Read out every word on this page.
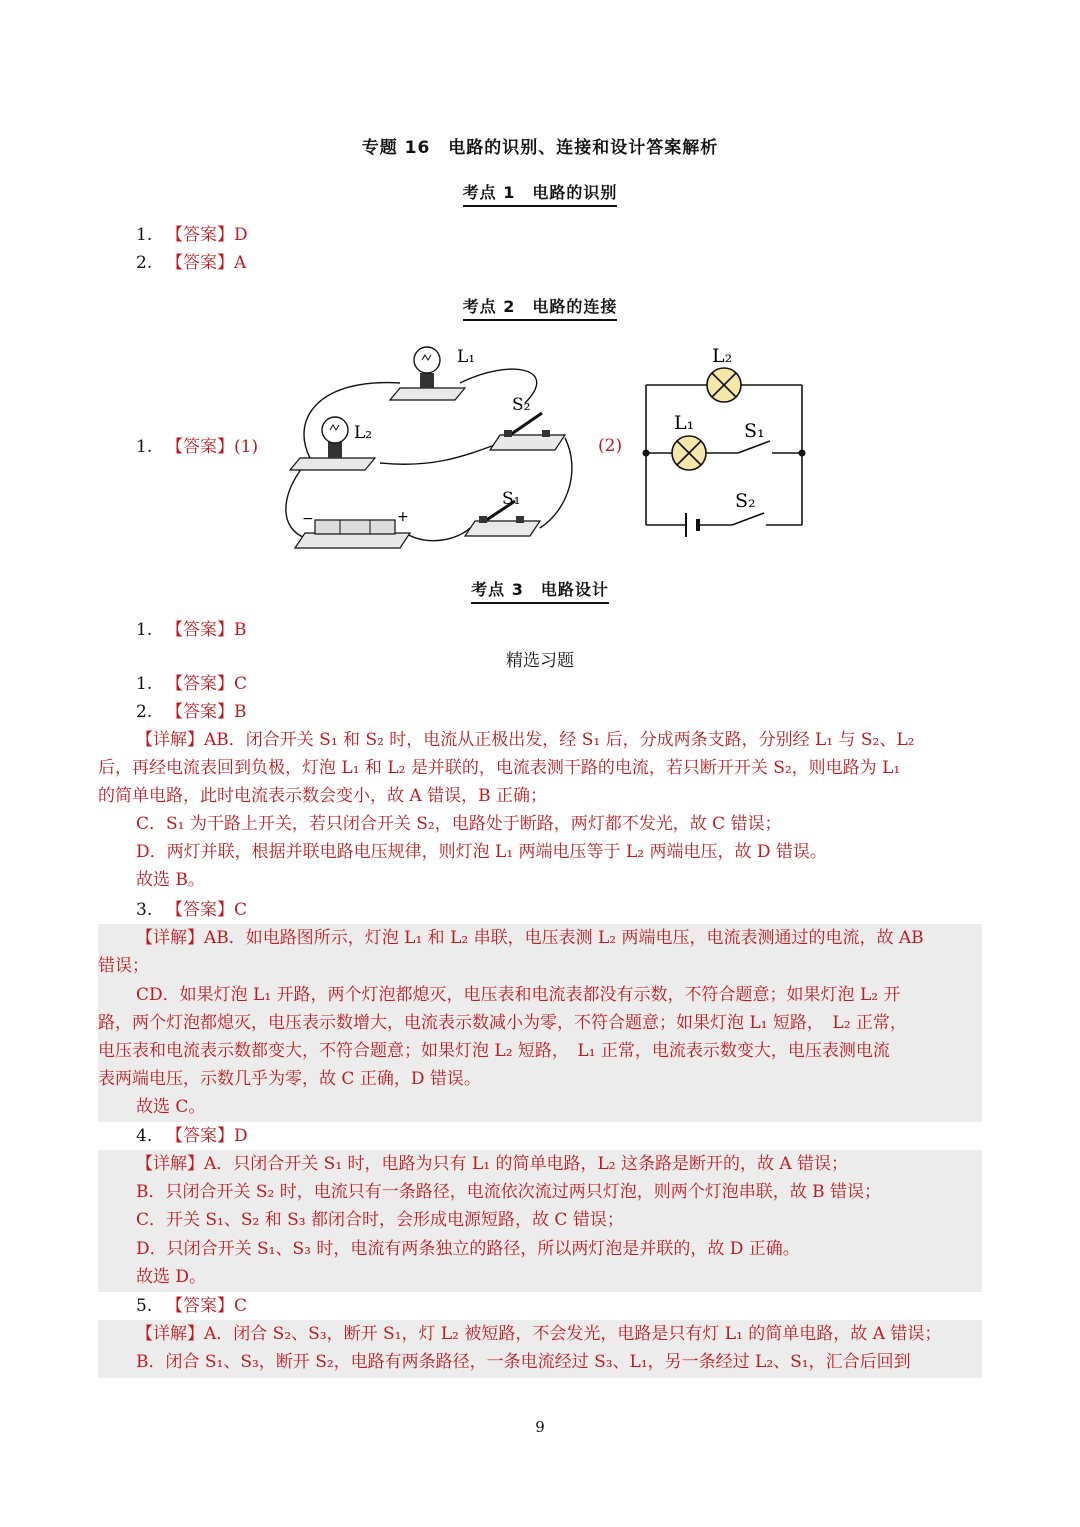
专题 16　电路的识别、连接和设计答案解析
考点 1　电路的识别
1. 【答案】D
2. 【答案】A
考点 2　电路的连接
1. 【答案】(1)	(2)
L₁
L₂
S₂
S₁
−	+
L₂
L₁	S₁
S₂
考点 3　电路设计
1. 【答案】B
精选习题
1. 【答案】C
2. 【答案】B
【详解】AB．闭合开关 S₁ 和 S₂ 时，电流从正极出发，经 S₁ 后，分成两条支路，分别经 L₁ 与 S₂、L₂
后，再经电流表回到负极，灯泡 L₁ 和 L₂ 是并联的，电流表测干路的电流，若只断开开关 S₂，则电路为 L₁
的简单电路，此时电流表示数会变小，故 A 错误，B 正确；
C．S₁ 为干路上开关，若只闭合开关 S₂，电路处于断路，两灯都不发光，故 C 错误；
D．两灯并联，根据并联电路电压规律，则灯泡 L₁ 两端电压等于 L₂ 两端电压，故 D 错误。
故选 B。
3. 【答案】C
【详解】AB．如电路图所示，灯泡 L₁ 和 L₂ 串联，电压表测 L₂ 两端电压，电流表测通过的电流，故 AB
错误；
CD．如果灯泡 L₁ 开路，两个灯泡都熄灭，电压表和电流表都没有示数，不符合题意；如果灯泡 L₂ 开
路，两个灯泡都熄灭，电压表示数增大，电流表示数减小为零，不符合题意；如果灯泡 L₁ 短路，　L₂ 正常，
电压表和电流表示数都变大，不符合题意；如果灯泡 L₂ 短路，　L₁ 正常，电流表示数变大，电压表测电流
表两端电压，示数几乎为零，故 C 正确，D 错误。
故选 C。
4. 【答案】D
【详解】A．只闭合开关 S₁ 时，电路为只有 L₁ 的简单电路，L₂ 这条路是断开的，故 A 错误；
B．只闭合开关 S₂ 时，电流只有一条路径，电流依次流过两只灯泡，则两个灯泡串联，故 B 错误；
C．开关 S₁、S₂ 和 S₃ 都闭合时，会形成电源短路，故 C 错误；
D．只闭合开关 S₁、S₃ 时，电流有两条独立的路径，所以两灯泡是并联的，故 D 正确。
故选 D。
5. 【答案】C
【详解】A．闭合 S₂、S₃，断开 S₁，灯 L₂ 被短路，不会发光，电路是只有灯 L₁ 的简单电路，故 A 错误；
B．闭合 S₁、S₃，断开 S₂，电路有两条路径，一条电流经过 S₃、L₁，另一条经过 L₂、S₁，汇合后回到
9
